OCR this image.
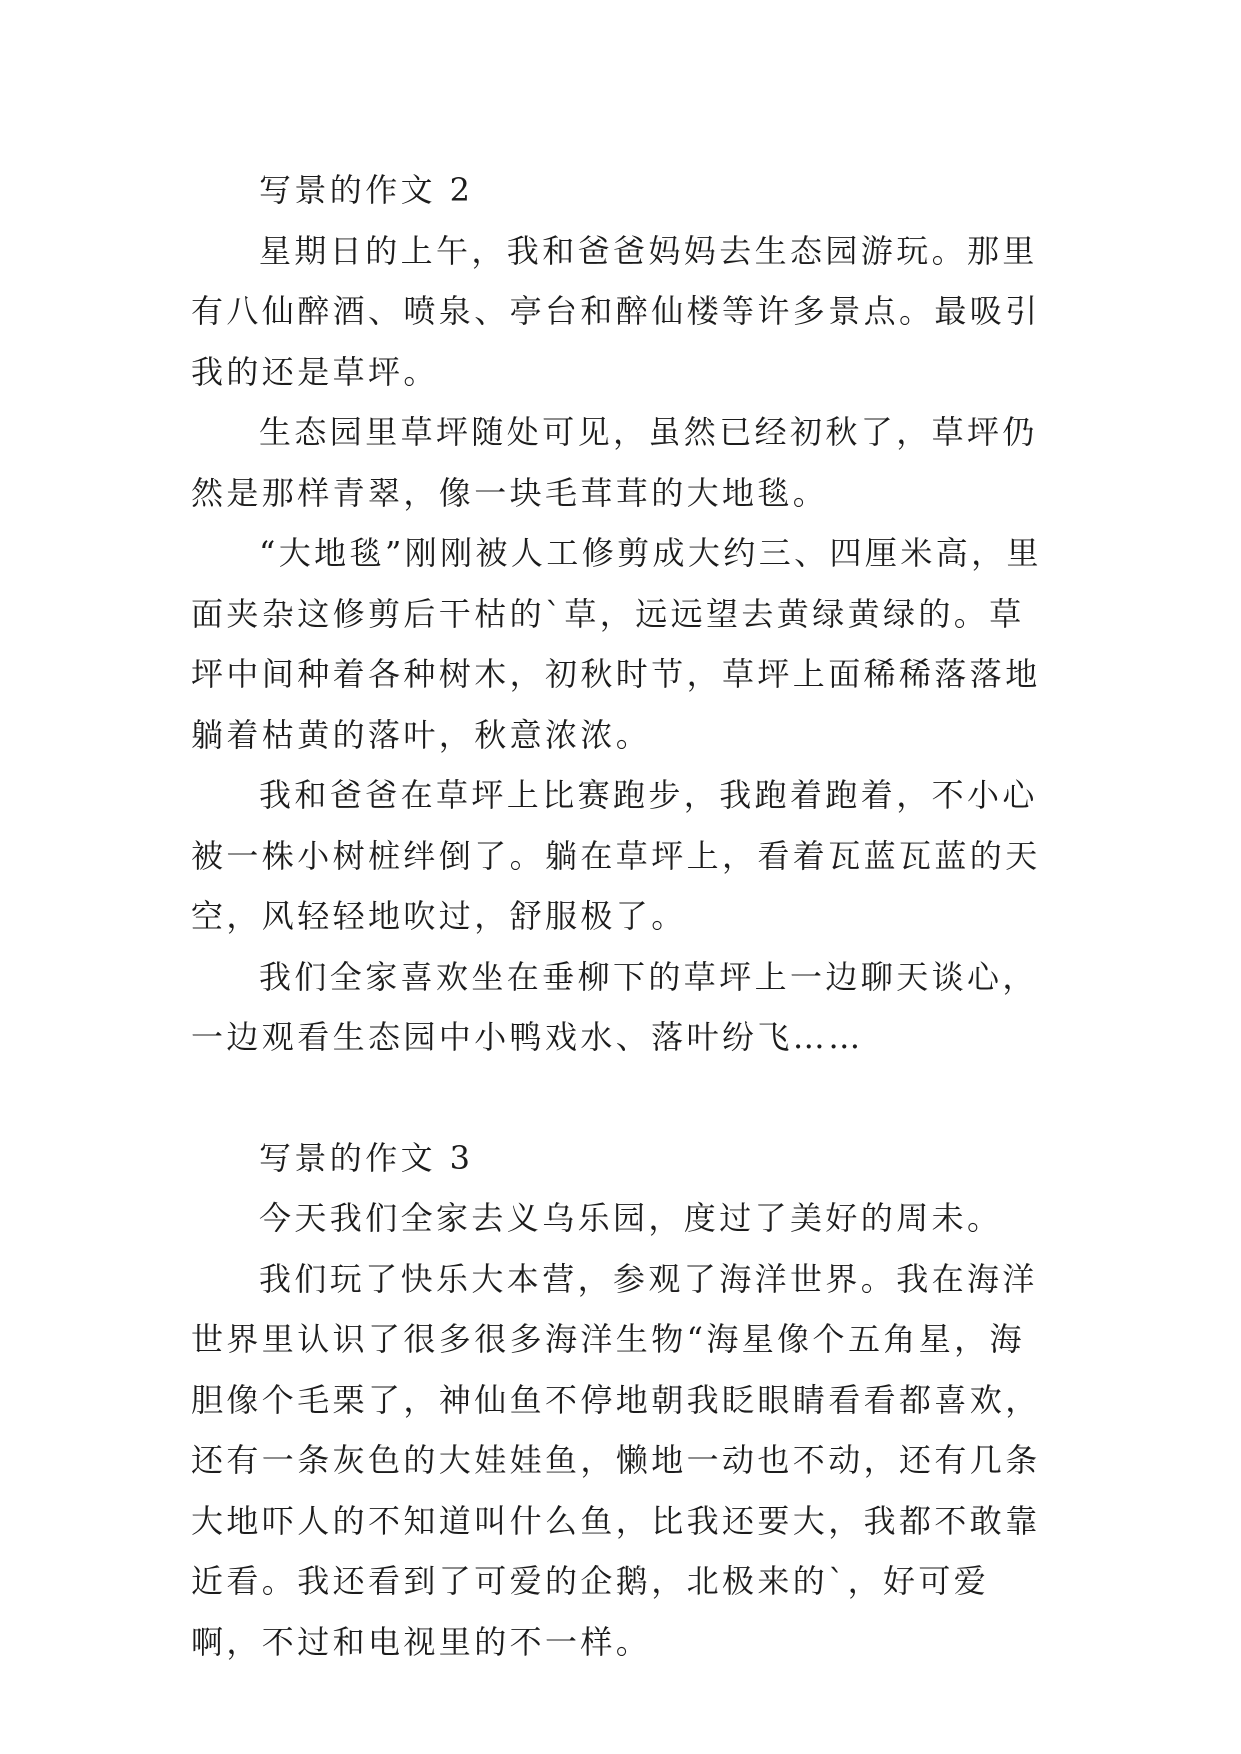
写景的作文 2

星期日的上午，我和爸爸妈妈去生态园游玩。那里有八仙醉酒、喷泉、亭台和醉仙楼等许多景点。最吸引我的还是草坪。

生态园里草坪随处可见，虽然已经初秋了，草坪仍然是那样青翠，像一块毛茸茸的大地毯。

“大地毯”刚刚被人工修剪成大约三、四厘米高，里面夹杂这修剪后干枯的`草，远远望去黄绿黄绿的。草坪中间种着各种树木，初秋时节，草坪上面稀稀落落地躺着枯黄的落叶，秋意浓浓。

我和爸爸在草坪上比赛跑步，我跑着跑着，不小心被一株小树桩绊倒了。躺在草坪上，看着瓦蓝瓦蓝的天空，风轻轻地吹过，舒服极了。

我们全家喜欢坐在垂柳下的草坪上一边聊天谈心，一边观看生态园中小鸭戏水、落叶纷飞……

写景的作文 3

今天我们全家去义乌乐园，度过了美好的周未。

我们玩了快乐大本营，参观了海洋世界。我在海洋世界里认识了很多很多海洋生物“海星像个五角星，海胆像个毛栗了，神仙鱼不停地朝我眨眼睛看看都喜欢，还有一条灰色的大娃娃鱼，懒地一动也不动，还有几条大地吓人的不知道叫什么鱼，比我还要大，我都不敢靠近看。我还看到了可爱的企鹅，北极来的`，好可爱啊，不过和电视里的不一样。
